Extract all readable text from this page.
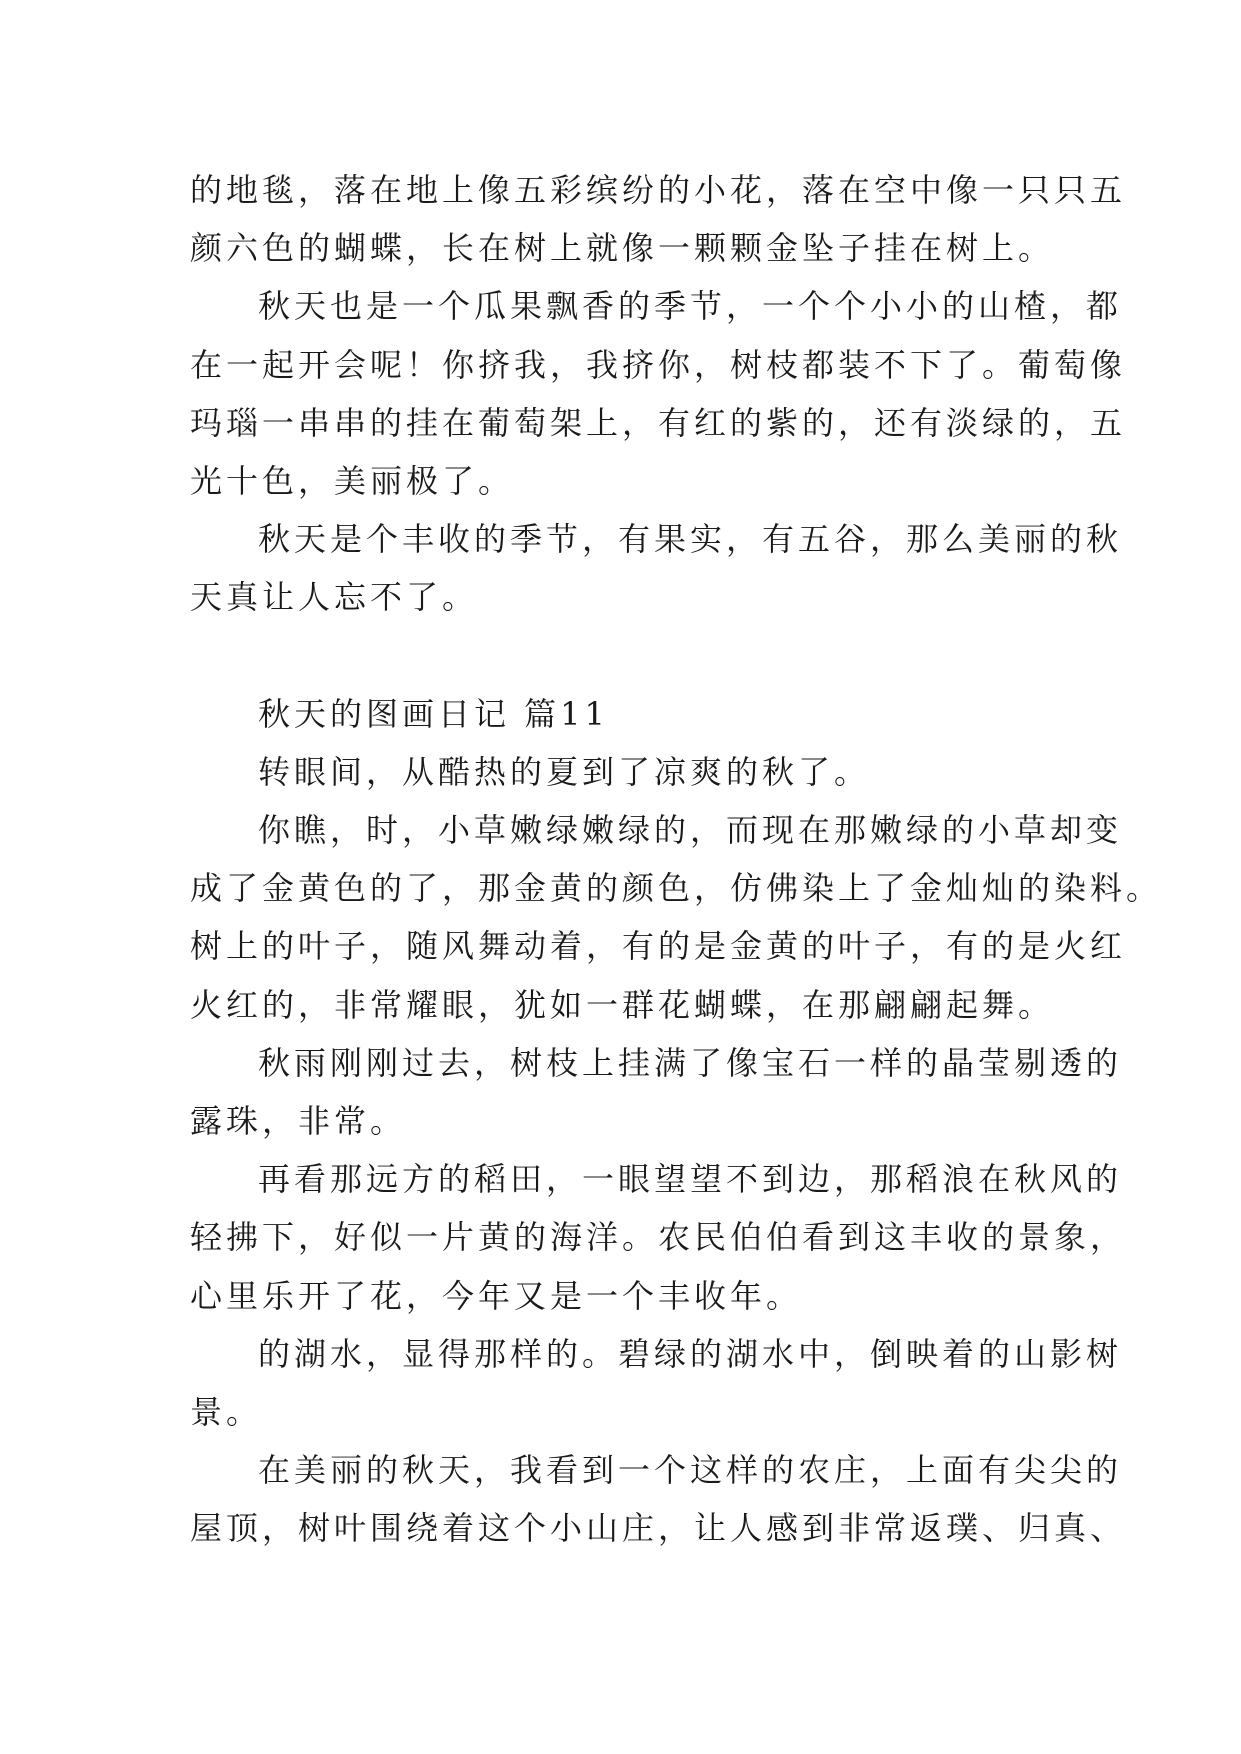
的地毯，落在地上像五彩缤纷的小花，落在空中像一只只五
颜六色的蝴蝶，长在树上就像一颗颗金坠子挂在树上。
秋天也是一个瓜果飘香的季节，一个个小小的山楂，都
在一起开会呢！你挤我，我挤你，树枝都装不下了。葡萄像
玛瑙一串串的挂在葡萄架上，有红的紫的，还有淡绿的，五
光十色，美丽极了。
秋天是个丰收的季节，有果实，有五谷，那么美丽的秋
天真让人忘不了。
秋天的图画日记 篇11
转眼间，从酷热的夏到了凉爽的秋了。
你瞧，时，小草嫩绿嫩绿的，而现在那嫩绿的小草却变
成了金黄色的了，那金黄的颜色，仿佛染上了金灿灿的染料。
树上的叶子，随风舞动着，有的是金黄的叶子，有的是火红
火红的，非常耀眼，犹如一群花蝴蝶，在那翩翩起舞。
秋雨刚刚过去，树枝上挂满了像宝石一样的晶莹剔透的
露珠，非常。
再看那远方的稻田，一眼望望不到边，那稻浪在秋风的
轻拂下，好似一片黄的海洋。农民伯伯看到这丰收的景象，
心里乐开了花，今年又是一个丰收年。
的湖水，显得那样的。碧绿的湖水中，倒映着的山影树
景。
在美丽的秋天，我看到一个这样的农庄，上面有尖尖的
屋顶，树叶围绕着这个小山庄，让人感到非常返璞、归真、
